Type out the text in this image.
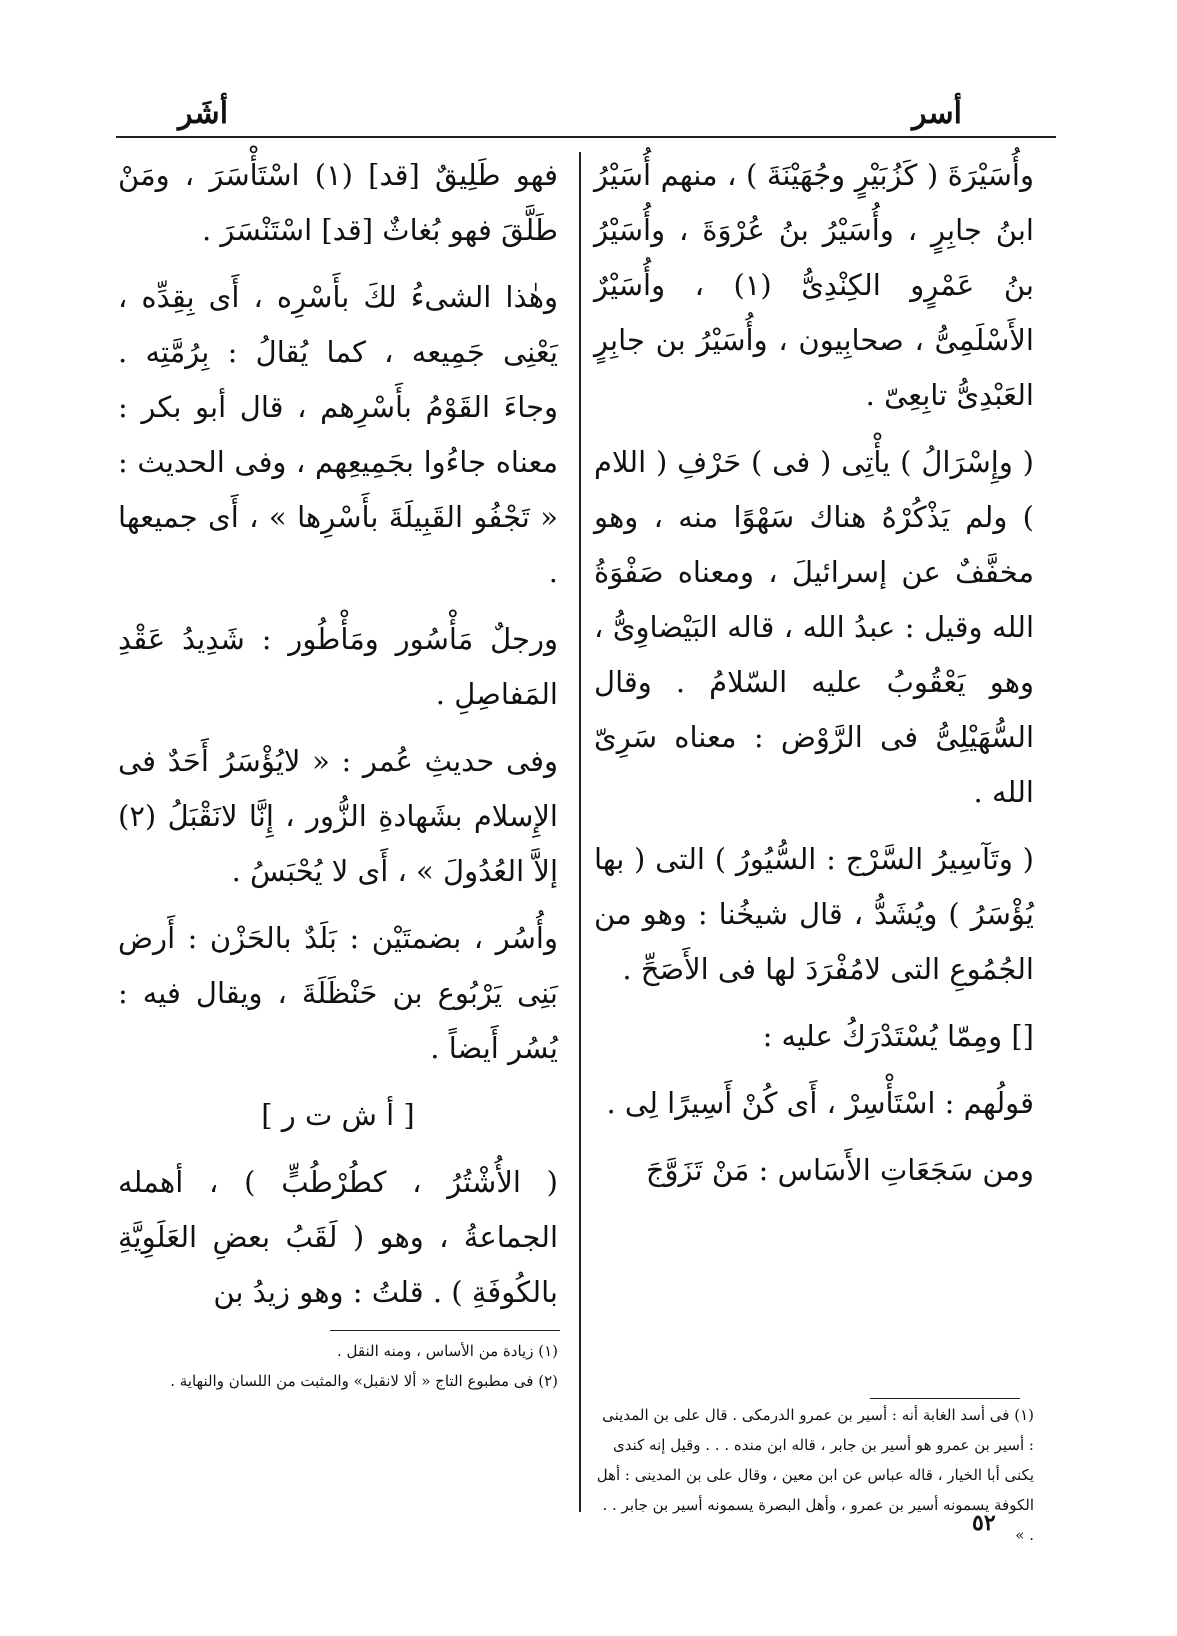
أسر
أشَر

وأُسَيْرَةَ ( كَزُبَيْرٍ وجُهَيْنَةَ ) ، منهم أُسَيْرُ ابنُ جابِرٍ ، وأُسَيْرُ بنُ عُرْوَةَ ، وأُسَيْرُ بنُ عَمْرٍو الكِنْدِىُّ (١) ، وأُسَيْرٌ الأَسْلَمِىُّ ، صحابِيون ، وأُسَيْرُ بن جابِرٍ العَبْدِىُّ تابِعِىّ .

( وإِسْرَالُ ) يأْتِى ( فى ) حَرْفِ ( اللام ) ولم يَذْكُرْهُ هناك سَهْوًا منه ، وهو مخفَّفٌ عن إسرائيلَ ، ومعناه صَفْوَةُ الله وقيل : عبدُ الله ، قاله البَيْضاوِىُّ ، وهو يَعْقُوبُ عليه السّلامُ . وقال السُّهَيْلِىُّ فى الرَّوْض : معناه سَرِىّ الله .

( وتَآسِيرُ السَّرْج : السُّيُورُ ) التى ( بها يُؤْسَرُ ) ويُشَدُّ ، قال شيخُنا : وهو من الجُمُوعِ التى لامُفْرَدَ لها فى الأَصَحِّ .

[] ومِمّا يُسْتَدْرَكُ عليه :

قولُهم : اسْتَأْسِرْ ، أَى كُنْ أَسِيرًا لِى .

ومن سَجَعَاتِ الأَسَاس : مَنْ تَزَوَّجَ

(١) فى أسد الغابة أنه : أسير بن عمرو الدرمكى . قال على بن المدينى : أسير بن عمرو هو أسير بن جابر ، قاله ابن منده . . . وقيل إنه كندى يكنى أبا الخيار ، قاله عباس عن ابن معين ، وقال على بن المدينى : أهل الكوفة يسمونه أسير بن عمرو ، وأهل البصرة يسمونه أسير بن جابر . . . »

فهو طَلِيقٌ [قد] (١) اسْتَأْسَرَ ، ومَنْ طَلَّقَ فهو بُغاثٌ [قد] اسْتَنْسَرَ .

وهٰذا الشىءُ لكَ بأَسْرِه ، أَى بِقِدِّه ، يَعْنِى جَمِيعه ، كما يُقالُ : بِرُمَّتِه . وجاءَ القَوْمُ بأَسْرِهم ، قال أبو بكر : معناه جاءُوا بجَمِيعِهم ، وفى الحديث : « تَجْفُو القَبِيلَةَ بأَسْرِها » ، أَى جميعها .

ورجلٌ مَأْسُور ومَأْطُور : شَدِيدُ عَقْدِ المَفاصِلِ .

وفى حديثِ عُمر : « لايُؤْسَرُ أَحَدٌ فى الإِسلام بشَهادةِ الزُّور ، إِنَّا لانَقْبَلُ (٢) إلاَّ العُدُولَ » ، أَى لا يُحْبَسُ .

وأُسُر ، بضمتَيْن : بَلَدٌ بالحَزْن : أَرض بَنِى يَرْبُوع بن حَنْظَلَةَ ، ويقال فيه : يُسُر أَيضاً .

[ أ ش ت ر ]

( الأُشْتُرُ ، كطُرْطُبٍّ ) ، أهمله الجماعةُ ، وهو ( لَقَبُ بعضِ العَلَوِيَّةِ بالكُوفَةِ ) . قلتُ : وهو زيدُ بن

(١) زيادة من الأساس ، ومنه النقل .

(٢) فى مطبوع التاج « ألا لانقبل» والمثبت من اللسان والنهاية .

٥٢
